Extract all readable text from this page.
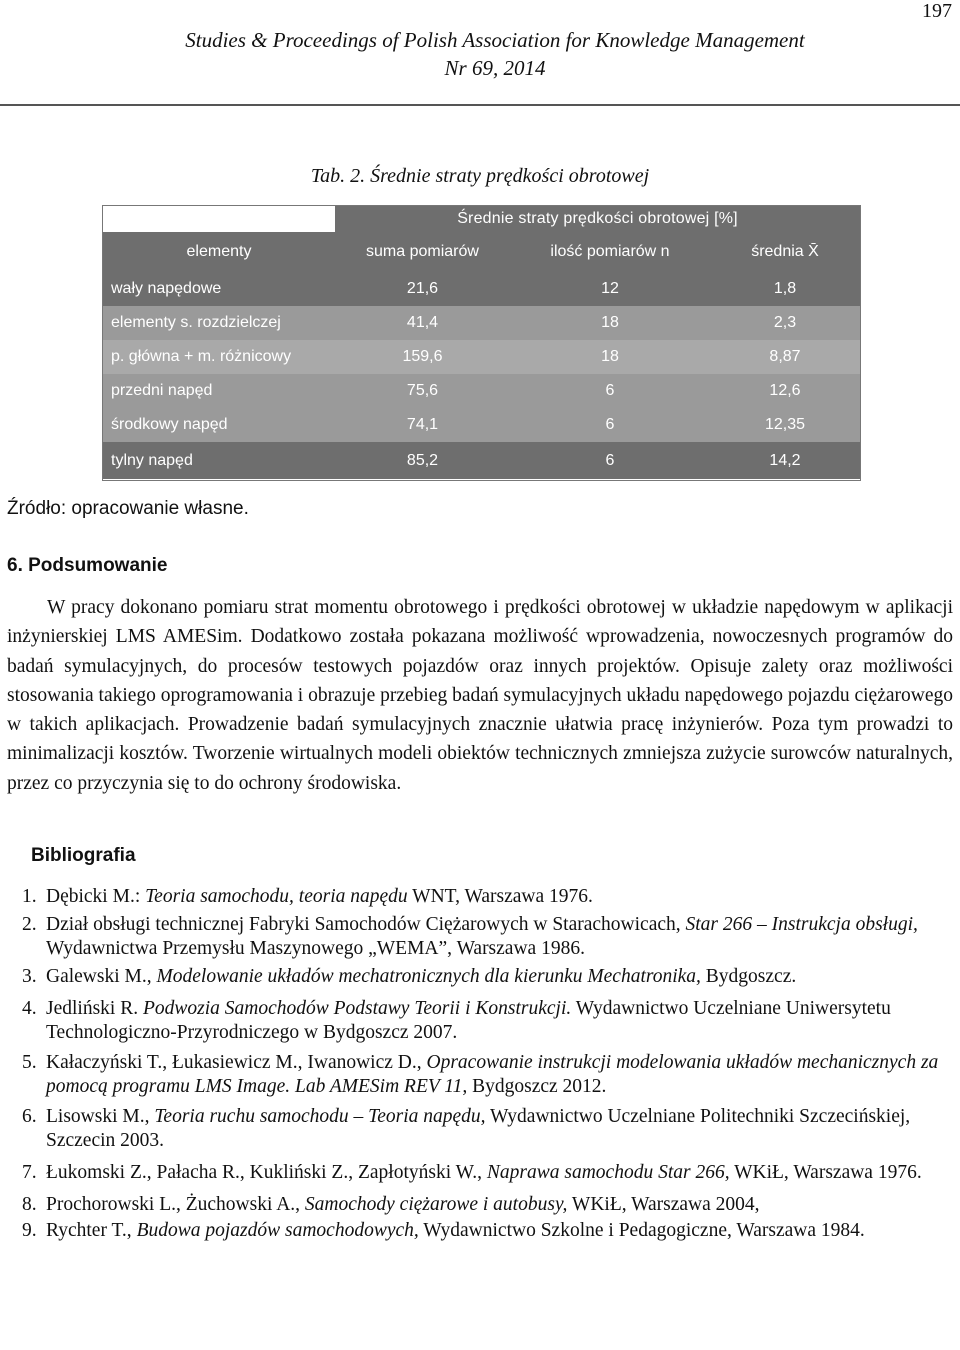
197
Studies & Proceedings of Polish Association for Knowledge Management
Nr 69, 2014
Tab. 2. Średnie straty prędkości obrotowej
Średnie straty prędkości obrotowej [%]
elementy	suma pomiarów	ilość pomiarów n	średnia X̄
wały napędowe	21,6	12	1,8
elementy s. rozdzielczej	41,4	18	2,3
p. główna + m. różnicowy	159,6	18	8,87
przedni napęd	75,6	6	12,6
środkowy napęd	74,1	6	12,35
tylny napęd	85,2	6	14,2
Źródło: opracowanie własne.
6. Podsumowanie

W pracy dokonano pomiaru strat momentu obrotowego i prędkości obrotowej w układzie napędowym w aplikacji inżynierskiej LMS AMESim. Dodatkowo została pokazana możliwość wprowadzenia, nowoczesnych programów do badań symulacyjnych, do procesów testowych pojazdów oraz innych projektów. Opisuje zalety oraz możliwości stosowania takiego oprogramowania i obrazuje przebieg badań symulacyjnych układu napędowego pojazdu ciężarowego w takich aplikacjach. Prowadzenie badań symulacyjnych znacznie ułatwia pracę inżynierów. Poza tym prowadzi to minimalizacji kosztów. Tworzenie wirtualnych modeli obiektów technicznych zmniejsza zużycie surowców naturalnych, przez co przyczynia się to do ochrony środowiska.

Bibliografia
1. Dębicki M.: Teoria samochodu, teoria napędu WNT, Warszawa 1976.
2. Dział obsługi technicznej Fabryki Samochodów Ciężarowych w Starachowicach, Star 266 – Instrukcja obsługi, Wydawnictwa Przemysłu Maszynowego „WEMA”, Warszawa 1986.
3. Galewski M., Modelowanie układów mechatronicznych dla kierunku Mechatronika, Bydgoszcz.
4. Jedliński R. Podwozia Samochodów Podstawy Teorii i Konstrukcji. Wydawnictwo Uczelniane Uniwersytetu Technologiczno-Przyrodniczego w Bydgoszcz 2007.
5. Kałaczyński T., Łukasiewicz M., Iwanowicz D., Opracowanie instrukcji modelowania układów mechanicznych za pomocą programu LMS Image. Lab AMESim REV 11, Bydgoszcz 2012.
6. Lisowski M., Teoria ruchu samochodu – Teoria napędu, Wydawnictwo Uczelniane Politechniki Szczecińskiej, Szczecin 2003.
7. Łukomski Z., Pałacha R., Kukliński Z., Zapłotyński W., Naprawa samochodu Star 266, WKiŁ, Warszawa 1976.
8. Prochorowski L., Żuchowski A., Samochody ciężarowe i autobusy, WKiŁ, Warszawa 2004,
9. Rychter T., Budowa pojazdów samochodowych, Wydawnictwo Szkolne i Pedagogiczne, Warszawa 1984.
